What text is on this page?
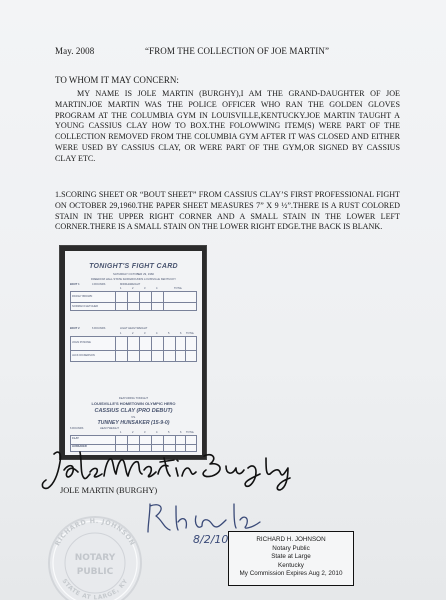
May. 2008	“FROM THE COLLECTION OF JOE MARTIN”
TO WHOM IT MAY CONCERN:
MY NAME IS JOLE MARTIN (BURGHY),I AM THE GRAND-DAUGHTER OF JOE MARTIN.JOE MARTIN WAS THE POLICE OFFICER WHO RAN THE GOLDEN GLOVES PROGRAM AT THE COLUMBIA GYM IN LOUISVILLE,KENTUCKY.JOE MARTIN TAUGHT A YOUNG CASSIUS CLAY HOW TO BOX.THE FOLOWWING ITEM(S) WERE PART OF THE COLLECTION REMOVED FROM THE COLUMBIA GYM AFTER IT WAS CLOSED AND EITHER WERE USED BY CASSIUS CLAY, OR WERE PART OF THE GYM,OR SIGNED BY CASSIUS CLAY ETC.
1.SCORING SHEET OR “BOUT SHEET” FROM CASSIUS CLAY’S FIRST PROFESSIONAL FIGHT ON OCTOBER 29,1960.THE PAPER SHEET MEASURES 7” X 9 ½”.THERE IS A RUST COLORED STAIN IN THE UPPER RIGHT CORNER AND A SMALL STAIN IN THE LOWER LEFT CORNER.THERE IS A SMALL STAIN ON THE LOWER RIGHT EDGE.THE BACK IS BLANK.
TONIGHT'S FIGHT CARD
SATURDAY OCTOBER 29, 1960
FREEDOM HALL STATE FAIRGROUNDS LOUISVILLE KENTUCKY
BOUT 1	4 ROUNDS	MIDDLEWEIGHT
1	2	3	4	TOTAL
RICKEY BROWN
NORMAN FLETCHER
BOUT 2	6 ROUNDS	LIGHT HEAVYWEIGHT
1	2	3	4	5	6 TOTAL
JOHN POSONE
JACK DICKERSON
FEATURING TONIGHT
LOUISVILLE'S HOMETOWN OLYMPIC HERO
CASSIUS CLAY (PRO DEBUT)
VS.
TUNNEY HUNSAKER (15-9-0)
6 ROUNDS	HEAVYWEIGHT
1	2	3	4	5	6 TOTAL
CLAY
HUNSAKER
JOLE MARTIN (BURGHY)
RICHARD H. JOHNSON
NOTARY
PUBLIC
STATE AT LARGE, KY
8/2/10	RICHARD H. JOHNSON
Notary Public
State at Large
Kentucky
My Commission Expires Aug 2, 2010
